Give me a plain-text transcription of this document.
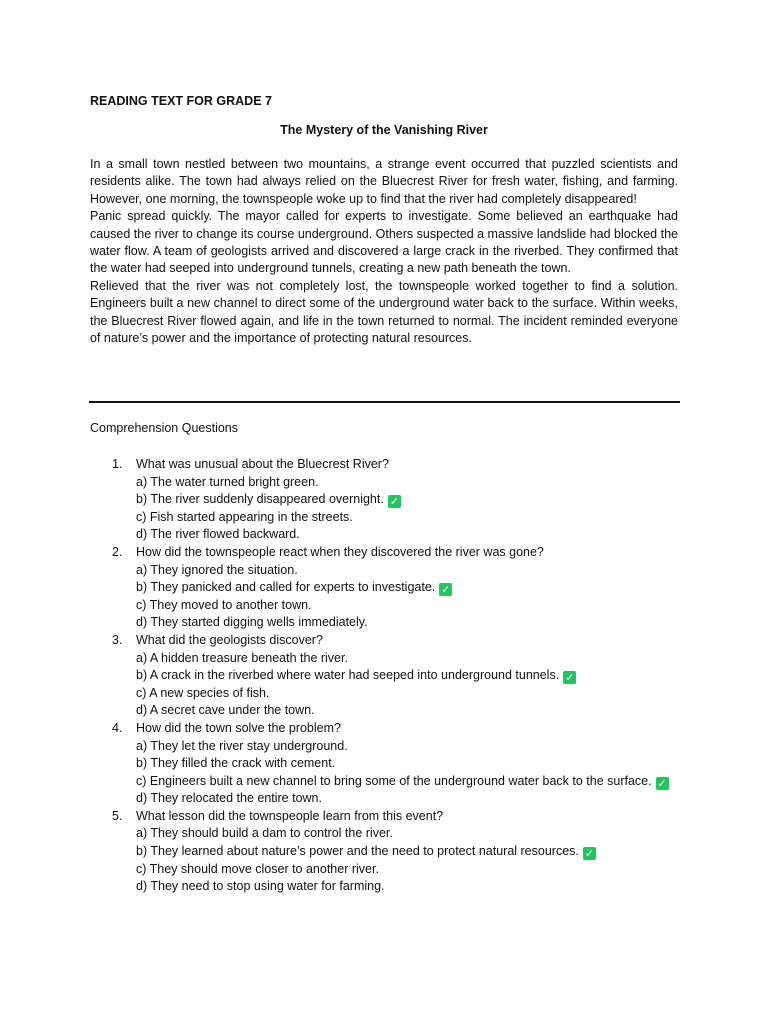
READING TEXT FOR GRADE 7
The Mystery of the Vanishing River

In a small town nestled between two mountains, a strange event occurred that puzzled scientists and residents alike. The town had always relied on the Bluecrest River for fresh water, fishing, and farming. However, one morning, the townspeople woke up to find that the river had completely disappeared!

Panic spread quickly. The mayor called for experts to investigate. Some believed an earthquake had caused the river to change its course underground. Others suspected a massive landslide had blocked the water flow. A team of geologists arrived and discovered a large crack in the riverbed. They confirmed that the water had seeped into underground tunnels, creating a new path beneath the town.

Relieved that the river was not completely lost, the townspeople worked together to find a solution. Engineers built a new channel to direct some of the underground water back to the surface. Within weeks, the Bluecrest River flowed again, and life in the town returned to normal. The incident reminded everyone of nature’s power and the importance of protecting natural resources.

Comprehension Questions
1. What was unusual about the Bluecrest River?
a) The water turned bright green.
b) The river suddenly disappeared overnight. ✓
c) Fish started appearing in the streets.
d) The river flowed backward.
2. How did the townspeople react when they discovered the river was gone?
a) They ignored the situation.
b) They panicked and called for experts to investigate. ✓
c) They moved to another town.
d) They started digging wells immediately.
3. What did the geologists discover?
a) A hidden treasure beneath the river.
b) A crack in the riverbed where water had seeped into underground tunnels. ✓
c) A new species of fish.
d) A secret cave under the town.
4. How did the town solve the problem?
a) They let the river stay underground.
b) They filled the crack with cement.
c) Engineers built a new channel to bring some of the underground water back to the surface. ✓
d) They relocated the entire town.
5. What lesson did the townspeople learn from this event?
a) They should build a dam to control the river.
b) They learned about nature’s power and the need to protect natural resources. ✓
c) They should move closer to another river.
d) They need to stop using water for farming.
